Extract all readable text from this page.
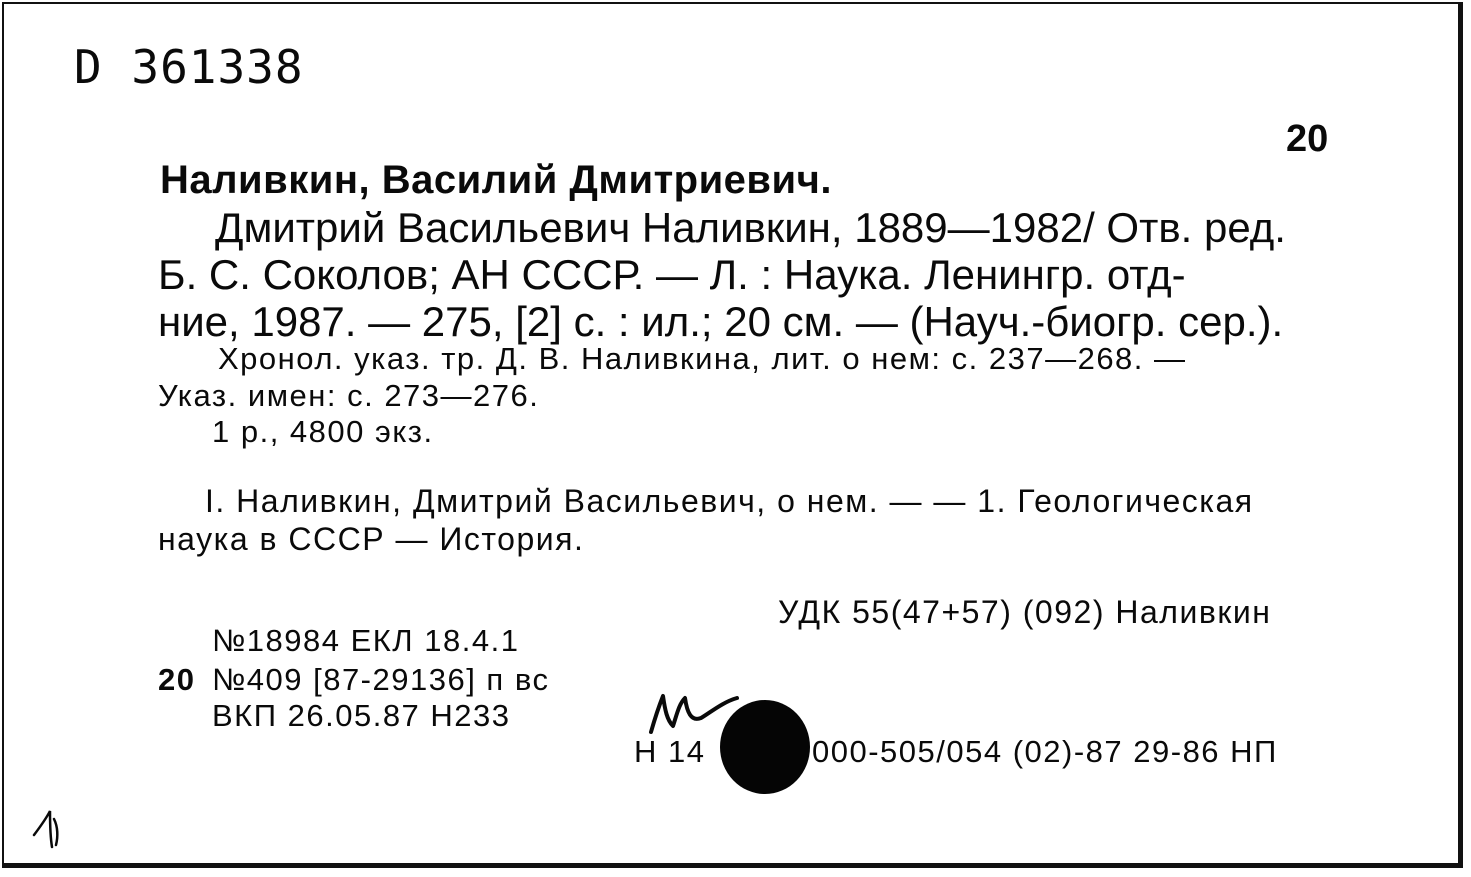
D 361338
20
Наливкин, Василий Дмитриевич.
Дмитрий Васильевич Наливкин, 1889—1982/ Отв. ред.
Б. С. Соколов; АН СССР. — Л. : Наука. Ленингр. отд-
ние, 1987. — 275, [2] с. : ил.; 20 см. — (Науч.-биогр. сер.).
Хронол. указ. тр. Д. В. Наливкина, лит. о нем: с. 237—268. —
Указ. имен: с. 273—276.
1 р., 4800 экз.
I. Наливкин, Дмитрий Васильевич, о нем. — — 1. Геологическая
наука в СССР — История.
УДК 55(47+57) (092) Наливкин
№18984 ЕКЛ 18.4.1
20 №409 [87-29136] п вс
ВКП 26.05.87 Н233
Н 14	000-505/054 (02)-87 29-86 НП
